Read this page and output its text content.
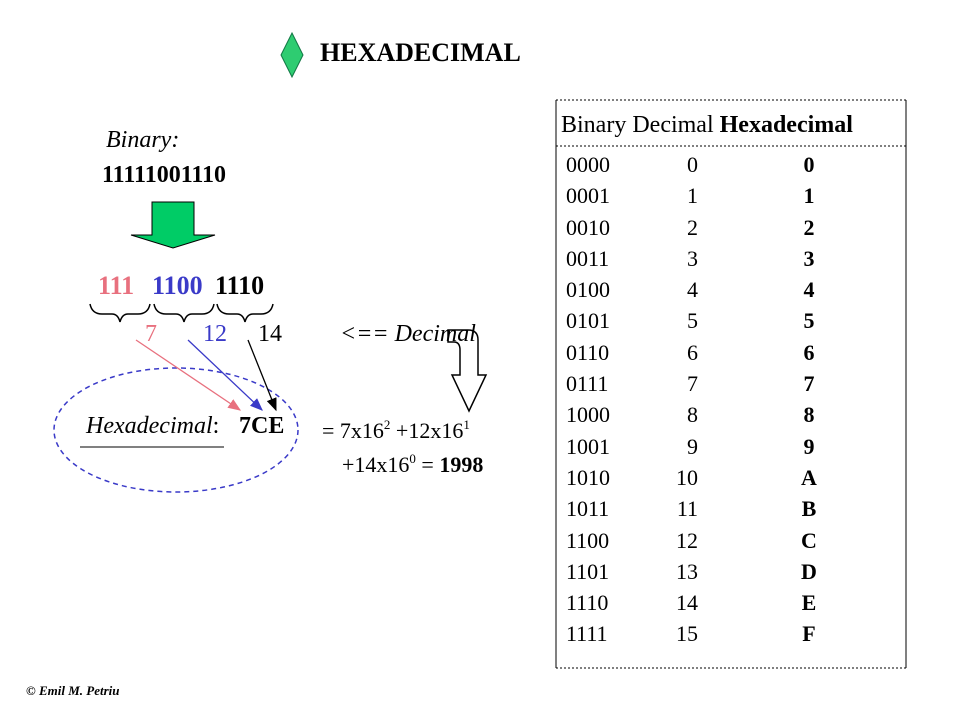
HEXADECIMAL
Binary:
11111001110
111 1100 1110
7 12 14 <== Decimal
Hexadecimal: $7CE = 7x16^2 +12x16^1$
$+14x16^0 = 1998$
Binary Decimal Hexadecimal
0000	0	0
0001	1	1
0010	2	2
0011	3	3
0100	4	4
0101	5	5
0110	6	6
0111	7	7
1000	8	8
1001	9	9
1010	10	A
1011	11	B
1100	12	C
1101	13	D
1110	14	E
1111	15	F
© Emil M. Petriu
